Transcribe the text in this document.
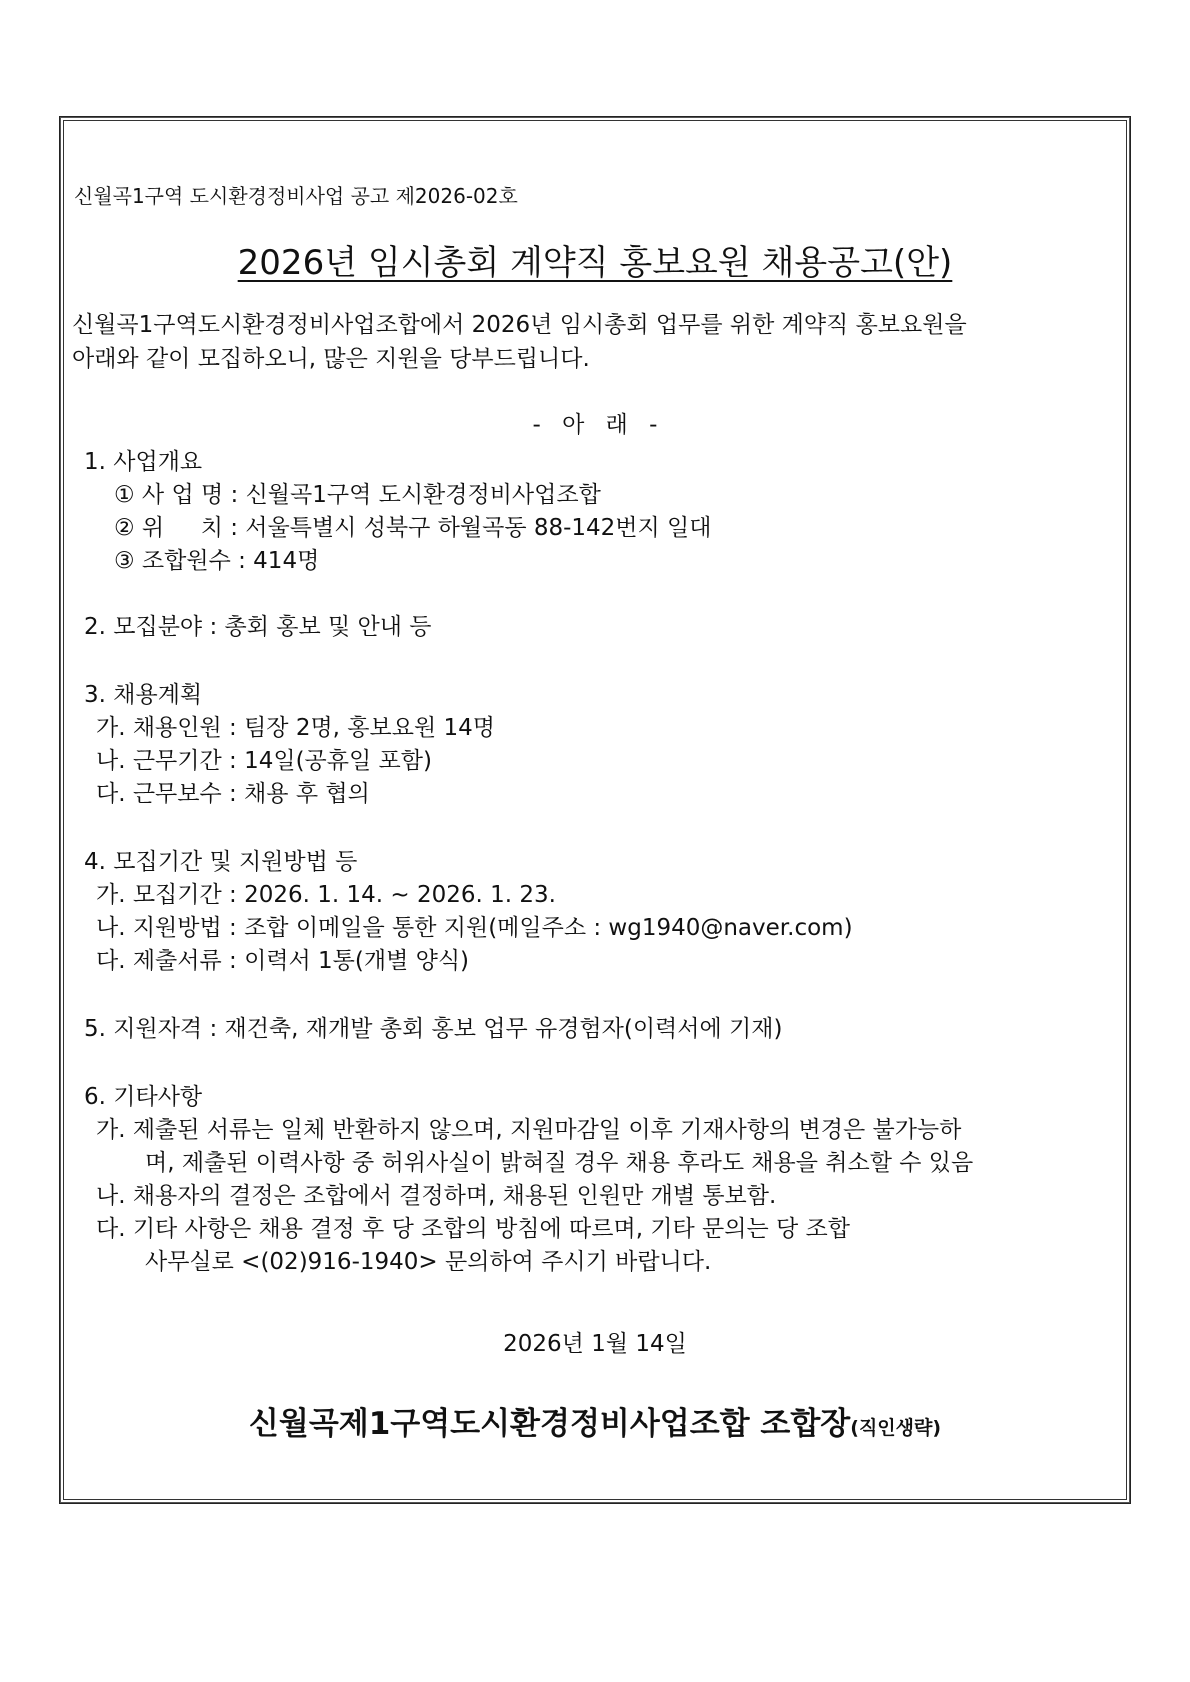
신월곡1구역 도시환경정비사업 공고 제2026-02호
2026년 임시총회 계약직 홍보요원 채용공고(안)
신월곡1구역도시환경정비사업조합에서 2026년 임시총회 업무를 위한 계약직 홍보요원을
아래와 같이 모집하오니, 많은 지원을 당부드립니다.
- 아 래 -
1. 사업개요
① 사 업 명 : 신월곡1구역 도시환경정비사업조합
② 위     치 : 서울특별시 성북구 하월곡동 88-142번지 일대
③ 조합원수 : 414명
2. 모집분야 : 총회 홍보 및 안내 등
3. 채용계획
가. 채용인원 : 팀장 2명, 홍보요원 14명
나. 근무기간 : 14일(공휴일 포함)
다. 근무보수 : 채용 후 협의
4. 모집기간 및 지원방법 등
가. 모집기간 : 2026. 1. 14. ~ 2026. 1. 23.
나. 지원방법 : 조합 이메일을 통한 지원(메일주소 : wg1940@naver.com)
다. 제출서류 : 이력서 1통(개별 양식)
5. 지원자격 : 재건축, 재개발 총회 홍보 업무 유경험자(이력서에 기재)
6. 기타사항
가. 제출된 서류는 일체 반환하지 않으며, 지원마감일 이후 기재사항의 변경은 불가능하
며, 제출된 이력사항 중 허위사실이 밝혀질 경우 채용 후라도 채용을 취소할 수 있음
나. 채용자의 결정은 조합에서 결정하며, 채용된 인원만 개별 통보함.
다. 기타 사항은 채용 결정 후 당 조합의 방침에 따르며, 기타 문의는 당 조합
사무실로 <(02)916-1940> 문의하여 주시기 바랍니다.
2026년 1월 14일
신월곡제1구역도시환경정비사업조합 조합장(직인생략)
